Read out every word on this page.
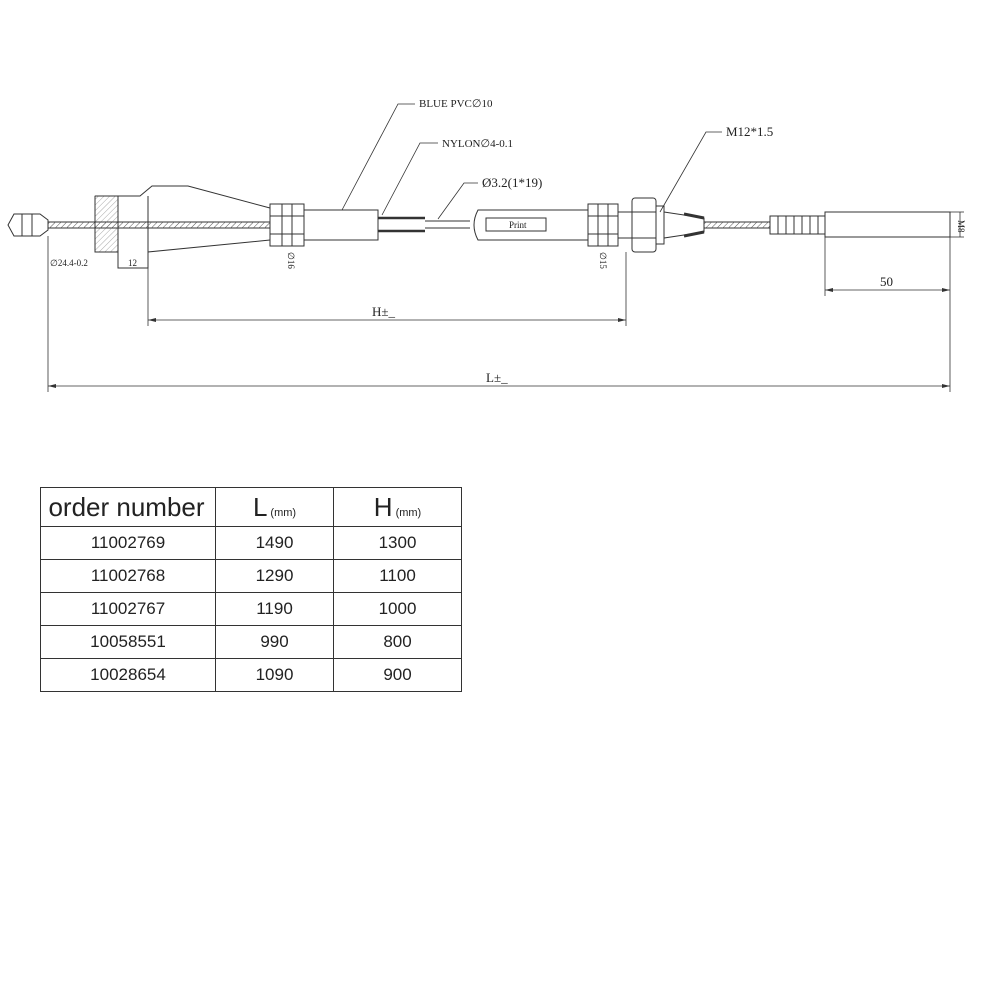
Print
BLUE PVC∅10
NYLON∅4-0.1
Ø3.2(1*19)
M12*1.5
∅16	∅15
M8
∅24.4-0.2	12
50
H±_
L±_
order number	L (mm)	H (mm)
11002769	1490	1300
11002768	1290	1100
11002767	1190	1000
10058551	990	800
10028654	1090	900
